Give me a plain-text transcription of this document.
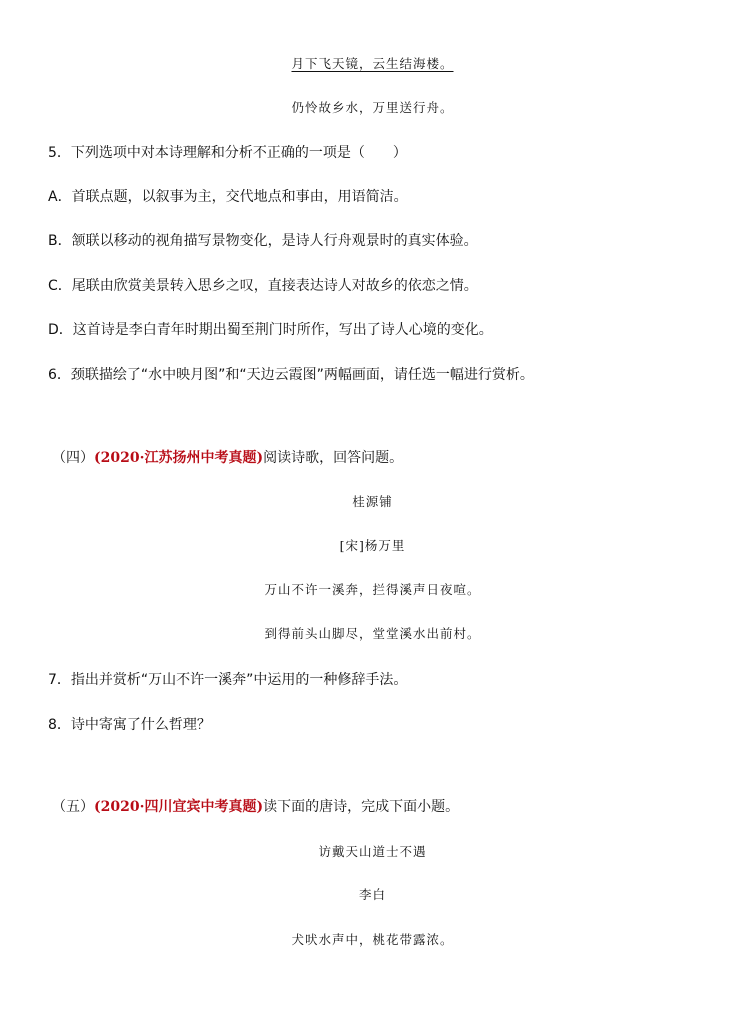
月下飞天镜，云生结海楼。
仍怜故乡水，万里送行舟。
5．下列选项中对本诗理解和分析不正确的一项是（　　）
A．首联点题，以叙事为主，交代地点和事由，用语简洁。
B．颔联以移动的视角描写景物变化，是诗人行舟观景时的真实体验。
C．尾联由欣赏美景转入思乡之叹，直接表达诗人对故乡的依恋之情。
D．这首诗是李白青年时期出蜀至荆门时所作，写出了诗人心境的变化。
6．颈联描绘了“水中映月图”和“天边云霞图”两幅画面，请任选一幅进行赏析。
（四）(2020·江苏扬州中考真题)阅读诗歌，回答问题。
桂源铺
[宋]杨万里
万山不许一溪奔，拦得溪声日夜喧。
到得前头山脚尽，堂堂溪水出前村。
7．指出并赏析“万山不许一溪奔”中运用的一种修辞手法。
8．诗中寄寓了什么哲理？
（五）(2020·四川宜宾中考真题)读下面的唐诗，完成下面小题。
访戴天山道士不遇
李白
犬吠水声中，桃花带露浓。
